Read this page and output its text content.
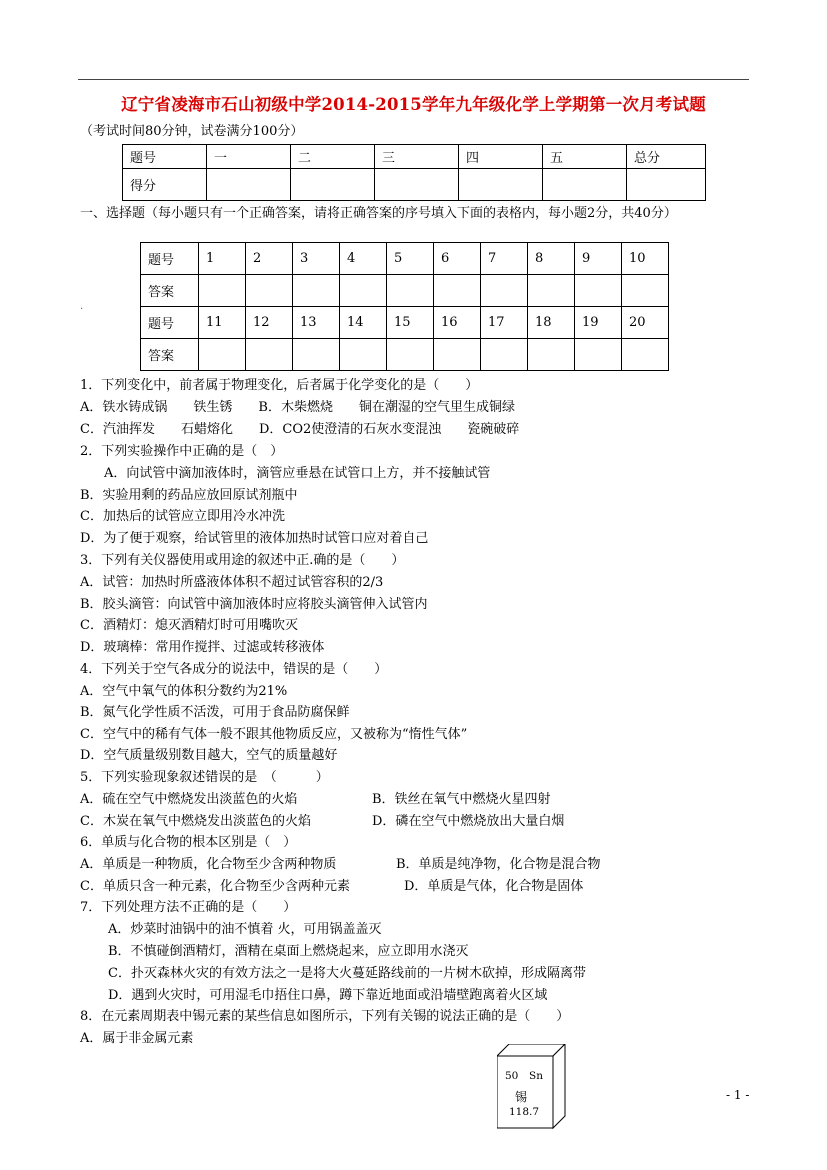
辽宁省凌海市石山初级中学2014-2015学年九年级化学上学期第一次月考试题
（考试时间80分钟，试卷满分100分）
题号	一	二	三	四	五	总分
得分						
一、选择题（每小题只有一个正确答案，请将正确答案的序号填入下面的表格内，每小题2分，共40分）
题号	1	2	3	4	5	6	7	8	9	10
答案										
题号	11	12	13	14	15	16	17	18	19	20
答案										
·
1．下列变化中，前者属于物理变化，后者属于化学变化的是（　　）
A．铁水铸成锅　　铁生锈　　B．木柴燃烧　　铜在潮湿的空气里生成铜绿
C．汽油挥发　　石蜡熔化　　D．CO2使澄清的石灰水变混浊　　瓷碗破碎
2．下列实验操作中正确的是（　）
A．向试管中滴加液体时，滴管应垂悬在试管口上方，并不接触试管
B．实验用剩的药品应放回原试剂瓶中
C．加热后的试管应立即用冷水冲洗
D．为了便于观察，给试管里的液体加热时试管口应对着自己
3．下列有关仪器使用或用途的叙述中正.确的是（　　）
A．试管：加热时所盛液体体积不超过试管容积的2/3
B．胶头滴管：向试管中滴加液体时应将胶头滴管伸入试管内
C．酒精灯：熄灭酒精灯时可用嘴吹灭
D．玻璃棒：常用作搅拌、过滤或转移液体
4．下列关于空气各成分的说法中，错误的是（　　）
A．空气中氧气的体积分数约为21%
B．氮气化学性质不活泼，可用于食品防腐保鲜
C．空气中的稀有气体一般不跟其他物质反应，又被称为“惰性气体”
D．空气质量级别数目越大，空气的质量越好
5．下列实验现象叙述错误的是　（　　　）
A．硫在空气中燃烧发出淡蓝色的火焰	B．铁丝在氧气中燃烧火星四射
C．木炭在氧气中燃烧发出淡蓝色的火焰	D．磷在空气中燃烧放出大量白烟
6．单质与化合物的根本区别是（　）
A．单质是一种物质，化合物至少含两种物质	B．单质是纯净物，化合物是混合物
C．单质只含一种元素，化合物至少含两种元素	D．单质是气体，化合物是固体
7．下列处理方法不正确的是（　　）
A．炒菜时油锅中的油不慎着 火，可用锅盖盖灭
B．不慎碰倒酒精灯，酒精在桌面上燃烧起来，应立即用水浇灭
C．扑灭森林火灾的有效方法之一是将大火蔓延路线前的一片树木砍掉，形成隔离带
D．遇到火灾时，可用湿毛巾捂住口鼻，蹲下靠近地面或沿墙壁跑离着火区域
8．在元素周期表中锡元素的某些信息如图所示，下列有关锡的说法正确的是（　　）
A．属于非金属元素
50 Sn
锡
118.7
- 1 -
